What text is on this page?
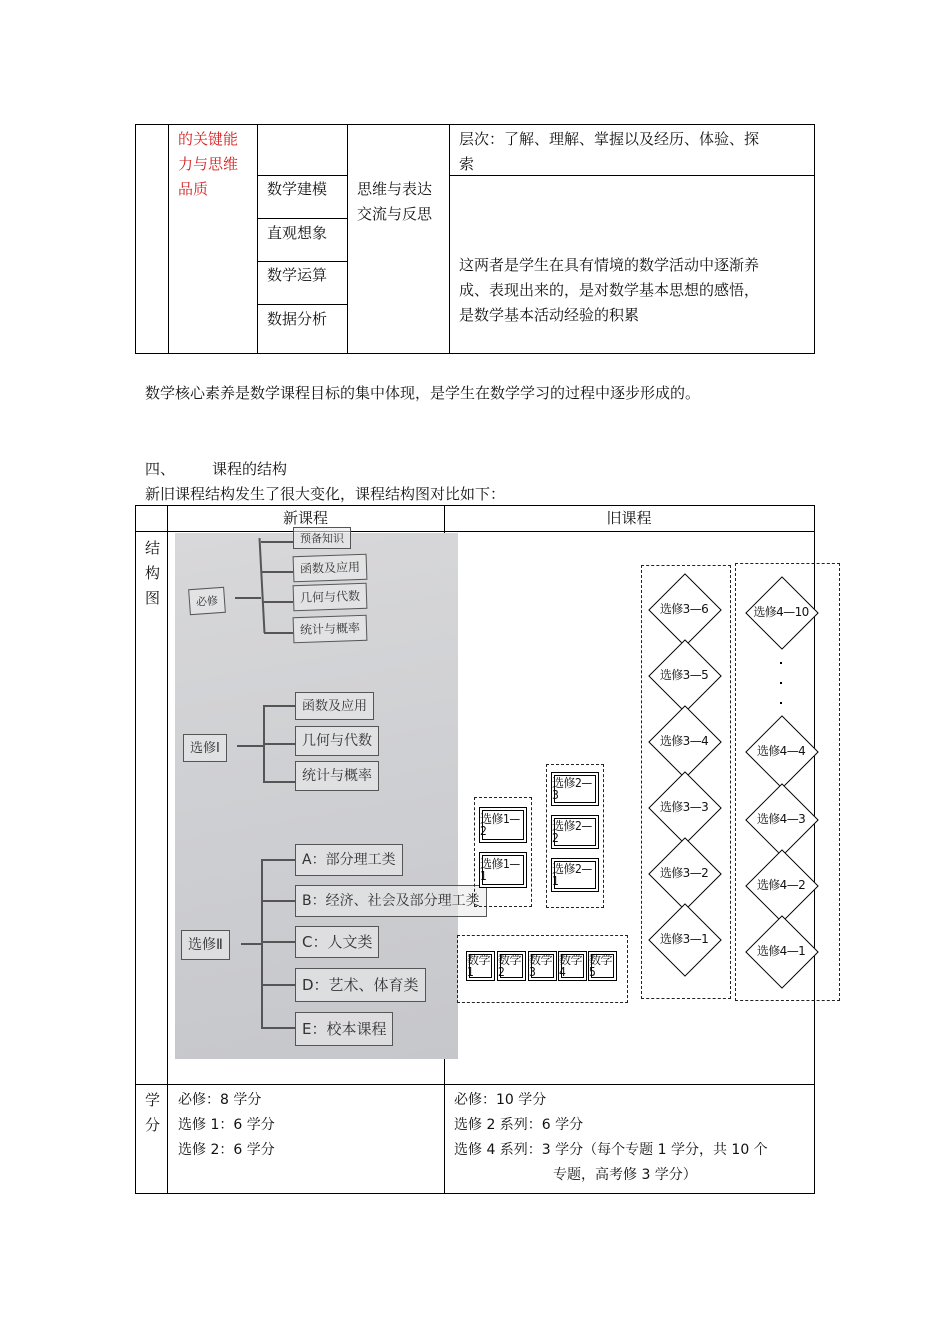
的关键能
力与思维
品质	数学建模
直观想象
数学运算
数据分析
思维与表达
交流与反思
层次：了解、理解、掌握以及经历、体验、探
索
这两者是学生在具有情境的数学活动中逐渐养
成、表现出来的，是对数学基本思想的感悟，
是数学基本活动经验的积累
数学核心素养是数学课程目标的集中体现，是学生在数学学习的过程中逐步形成的。
四、 课程的结构
新旧课程结构发生了很大变化，课程结构图对比如下：
新课程	旧课程
结
构
图
学
分
必修：8 学分
选修 1：6 学分
选修 2：6 学分
必修：10 学分
选修 2 系列：6 学分
选修 4 系列：3 学分（每个专题 1 学分，共 10 个
专题，高考修 3 学分）
必修
预备知识
函数及应用
几何与代数
统计与概率
选修Ⅰ
函数及应用
几何与代数
统计与概率
选修Ⅱ
A：部分理工类
B：经济、社会及部分理工类
C：人文类
D：艺术、体育类
E：校本课程
选修1—2
选修1—1
选修2—3
选修2—2
选修2—1
数学1
数学2
数学3
数学4
数学5
选修3—6
选修3—5
选修3—4
选修3—3
选修3—2
选修3—1
选修4—10
选修4—4
选修4—3
选修4—2
选修4—1
